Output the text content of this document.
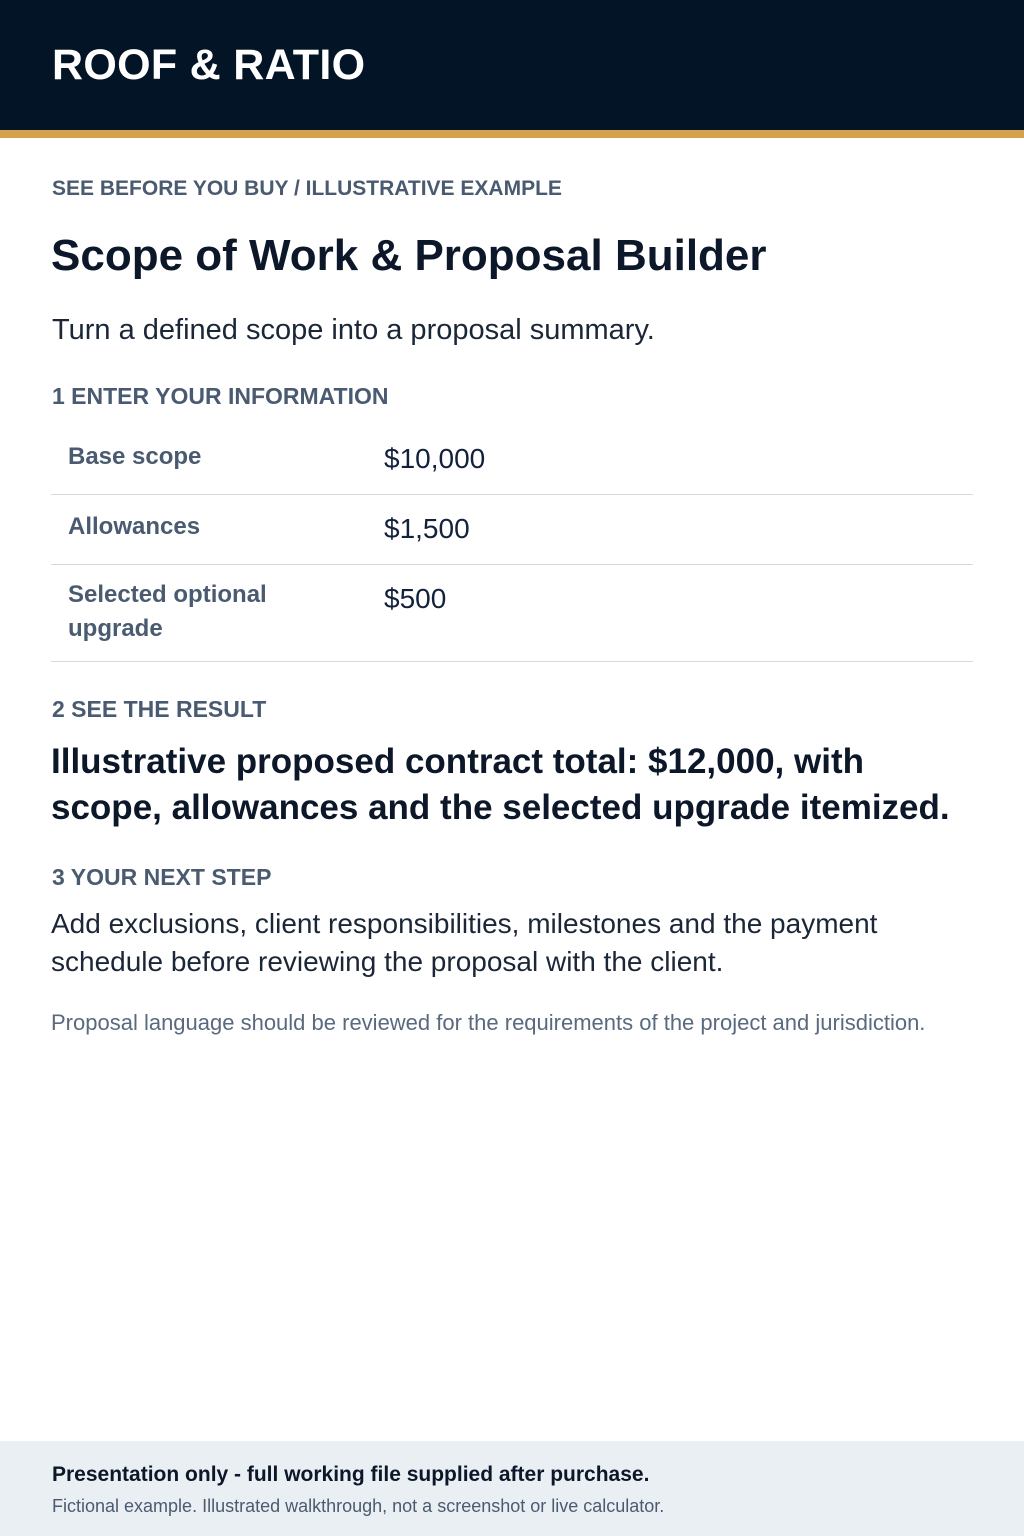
ROOF & RATIO
SEE BEFORE YOU BUY / ILLUSTRATIVE EXAMPLE
Scope of Work & Proposal Builder
Turn a defined scope into a proposal summary.
1 ENTER YOUR INFORMATION
Base scope	$10,000
Allowances	$1,500
Selected optional upgrade
$500
2 SEE THE RESULT
Illustrative proposed contract total: $12,000, with scope, allowances and the selected upgrade itemized.
3 YOUR NEXT STEP
Add exclusions, client responsibilities, milestones and the payment schedule before reviewing the proposal with the client.
Proposal language should be reviewed for the requirements of the project and jurisdiction.
Presentation only - full working file supplied after purchase.
Fictional example. Illustrated walkthrough, not a screenshot or live calculator.
